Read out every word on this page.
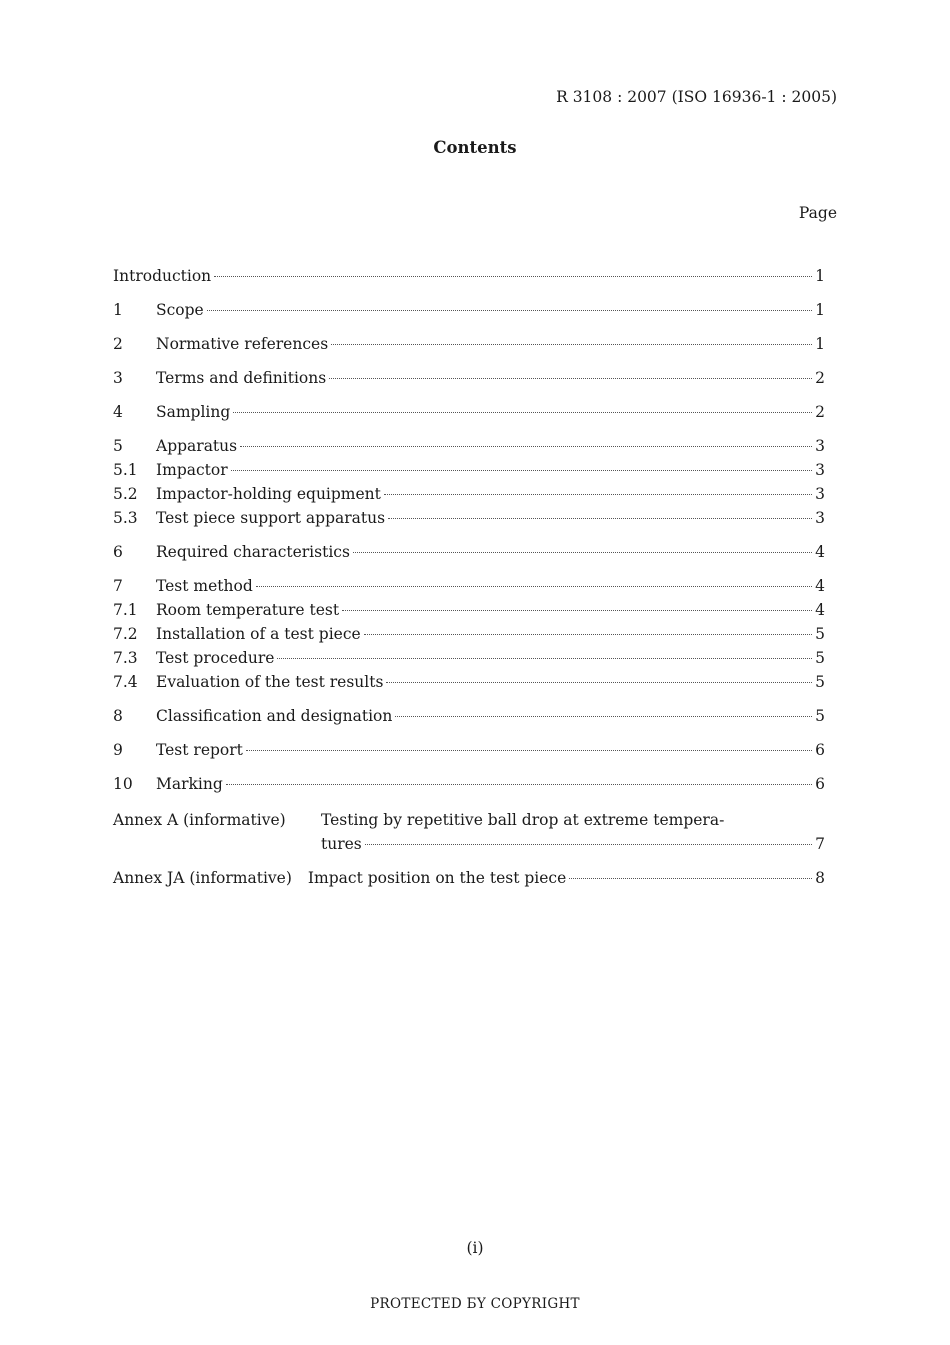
R 3108 : 2007 (ISO 16936-1 : 2005)
Contents
Page
Introduction	1
1	Scope	1
2	Normative references	1
3	Terms and definitions	2
4	Sampling	2
5	Apparatus	3
5.1	Impactor	3
5.2	Impactor-holding equipment	3
5.3	Test piece support apparatus	3
6	Required characteristics	4
7	Test method	4
7.1	Room temperature test	4
7.2	Installation of a test piece	5
7.3	Test procedure	5
7.4	Evaluation of the test results	5
8	Classification and designation	5
9	Test report	6
10	Marking	6
Annex A (informative) Testing by repetitive ball drop at extreme tempera-
tures	7
Annex JA (informative) Impact position on the test piece	8
(i)
PROTECTED БY COPYRIGHT
